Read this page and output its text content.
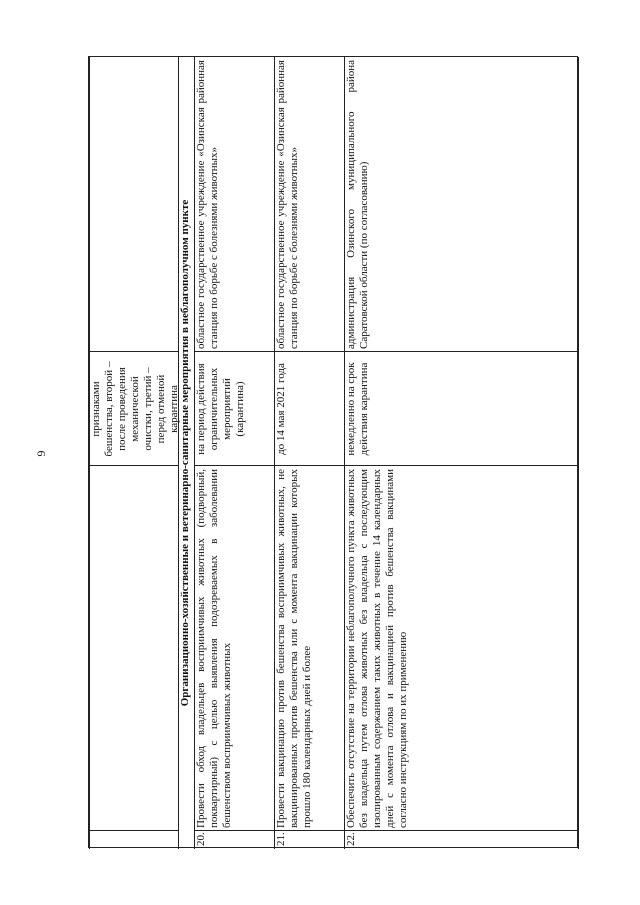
6
признаками бешенства, второй – после проведения механической очистки, третий – перед отменой карантина Организационно-хозяйственные и ветеринарно-санитарные мероприятия в неблагополучном пункте
20.
Провести обход владельцев восприимчивых животных (подворный, поквартирный) с целью выявления подозреваемых в заболевании бешенством восприимчивых животных
на период действия ограничительных мероприятий (карантина)
областное государственное учреждение «Озинская районная станция по борьбе с болезнями животных»
21.
Провести вакцинацию против бешенства восприимчивых животных, не вакцинированных против бешенства или с момента вакцинации которых прошло 180 календарных дней и более
до 14 мая 2021 года
областное государственное учреждение «Озинская районная станция по борьбе с болезнями животных»
22.
Обеспечить отсутствие на территории неблагополучного пункта животных без владельца путем отлова животных без владельца с последующим изолированным содержанием таких животных в течение 14 календарных дней с момента отлова и вакцинацией против бешенства вакцинами согласно инструкциям по их применению
немедленно на срок действия карантина
администрация Озинского муниципального района Саратовской области (по согласованию)
